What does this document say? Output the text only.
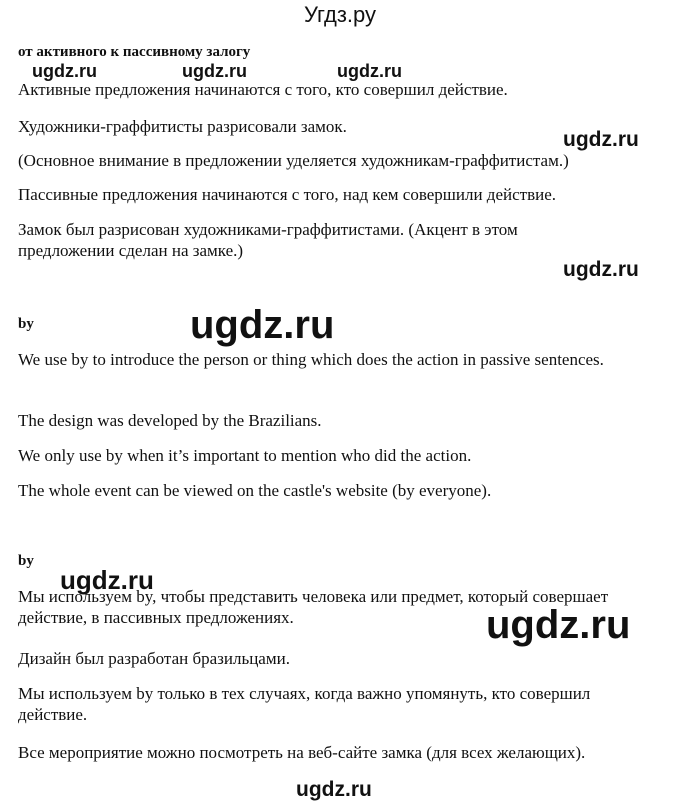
Угдз.ру
от активного к пассивному залогу
Активные предложения начинаются с того, кто совершил действие.
Художники-граффитисты разрисовали замок.
(Основное внимание в предложении уделяется художникам-граффитистам.)
Пассивные предложения начинаются с того, над кем совершили действие.
Замок был разрисован художниками-граффитистами. (Акцент в этом предложении сделан на замке.)
by
We use by to introduce the person or thing which does the action in passive sentences.
The design was developed by the Brazilians.
We only use by when it’s important to mention who did the action.
The whole event can be viewed on the castle's website (by everyone).
by
Мы используем by, чтобы представить человека или предмет, который совершает действие, в пассивных предложениях.
Дизайн был разработан бразильцами.
Мы используем by только в тех случаях, когда важно упомянуть, кто совершил действие.
Все мероприятие можно посмотреть на веб-сайте замка (для всех желающих).
ugdz.ru	ugdz.ru	ugdz.ru
ugdz.ru
ugdz.ru
ugdz.ru
ugdz.ru
ugdz.ru
ugdz.ru
